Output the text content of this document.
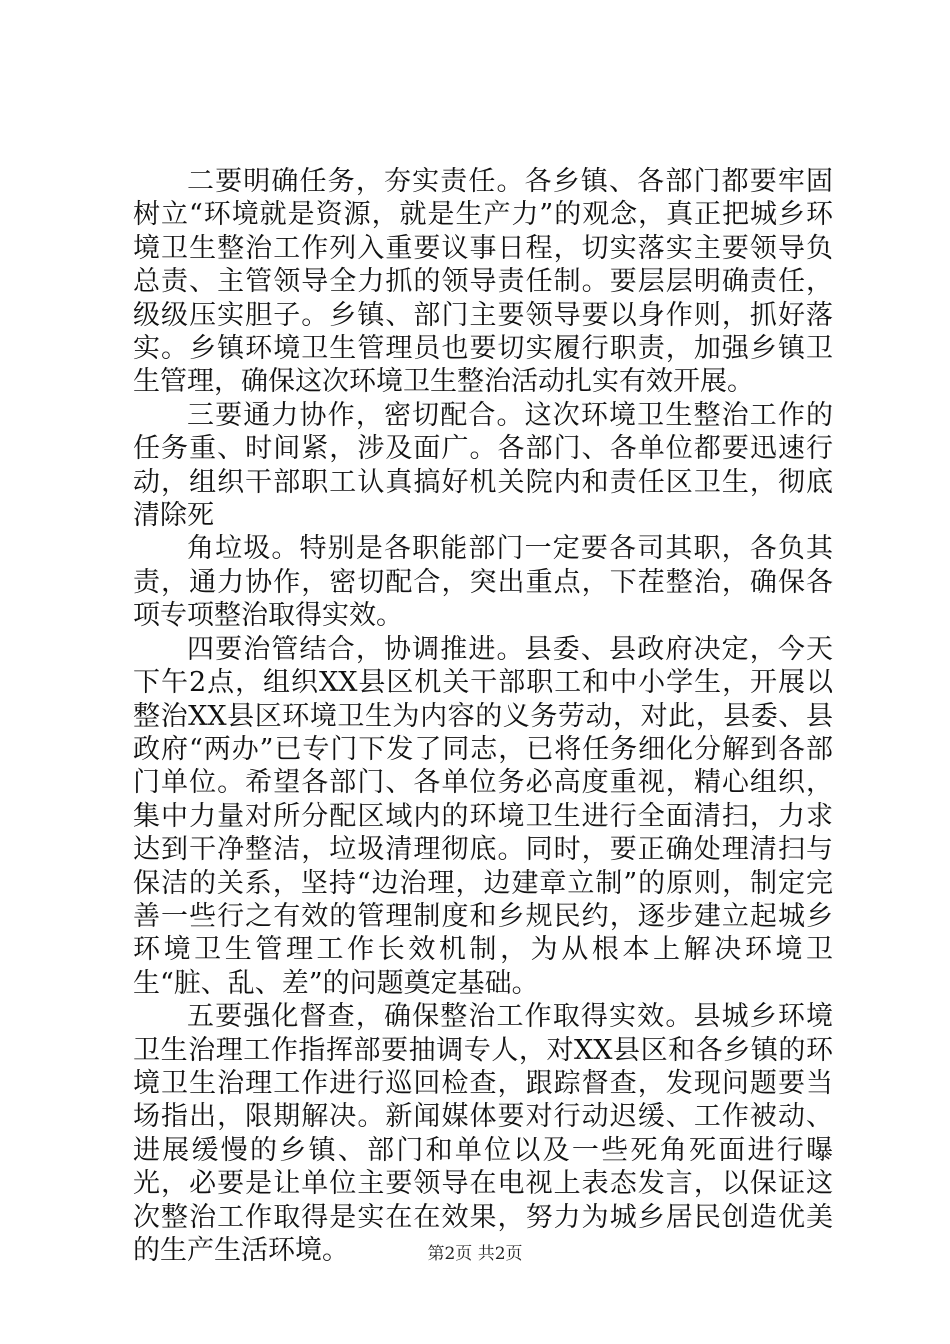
二要明确任务，夯实责任。各乡镇、各部门都要牢固树立“环境就是资源，就是生产力”的观念，真正把城乡环境卫生整治工作列入重要议事日程，切实落实主要领导负总责、主管领导全力抓的领导责任制。要层层明确责任，级级压实胆子。乡镇、部门主要领导要以身作则，抓好落实。乡镇环境卫生管理员也要切实履行职责，加强乡镇卫生管理，确保这次环境卫生整治活动扎实有效开展。

三要通力协作，密切配合。这次环境卫生整治工作的任务重、时间紧，涉及面广。各部门、各单位都要迅速行动，组织干部职工认真搞好机关院内和责任区卫生，彻底清除死

角垃圾。特别是各职能部门一定要各司其职，各负其责，通力协作，密切配合，突出重点，下茬整治，确保各项专项整治取得实效。

四要治管结合，协调推进。县委、县政府决定，今天下午2点，组织XX县区机关干部职工和中小学生，开展以整治XX县区环境卫生为内容的义务劳动，对此，县委、县政府“两办”已专门下发了同志，已将任务细化分解到各部门单位。希望各部门、各单位务必高度重视，精心组织，集中力量对所分配区域内的环境卫生进行全面清扫，力求达到干净整洁，垃圾清理彻底。同时，要正确处理清扫与保洁的关系，坚持“边治理，边建章立制”的原则，制定完善一些行之有效的管理制度和乡规民约，逐步建立起城乡环境卫生管理工作长效机制，为从根本上解决环境卫生“脏、乱、差”的问题奠定基础。

五要强化督查，确保整治工作取得实效。县城乡环境卫生治理工作指挥部要抽调专人，对XX县区和各乡镇的环境卫生治理工作进行巡回检查，跟踪督查，发现问题要当场指出，限期解决。新闻媒体要对行动迟缓、工作被动、进展缓慢的乡镇、部门和单位以及一些死角死面进行曝光，必要是让单位主要领导在电视上表态发言，以保证这次整治工作取得是实在在效果，努力为城乡居民创造优美的生产生活环境。	第2页 共2页
